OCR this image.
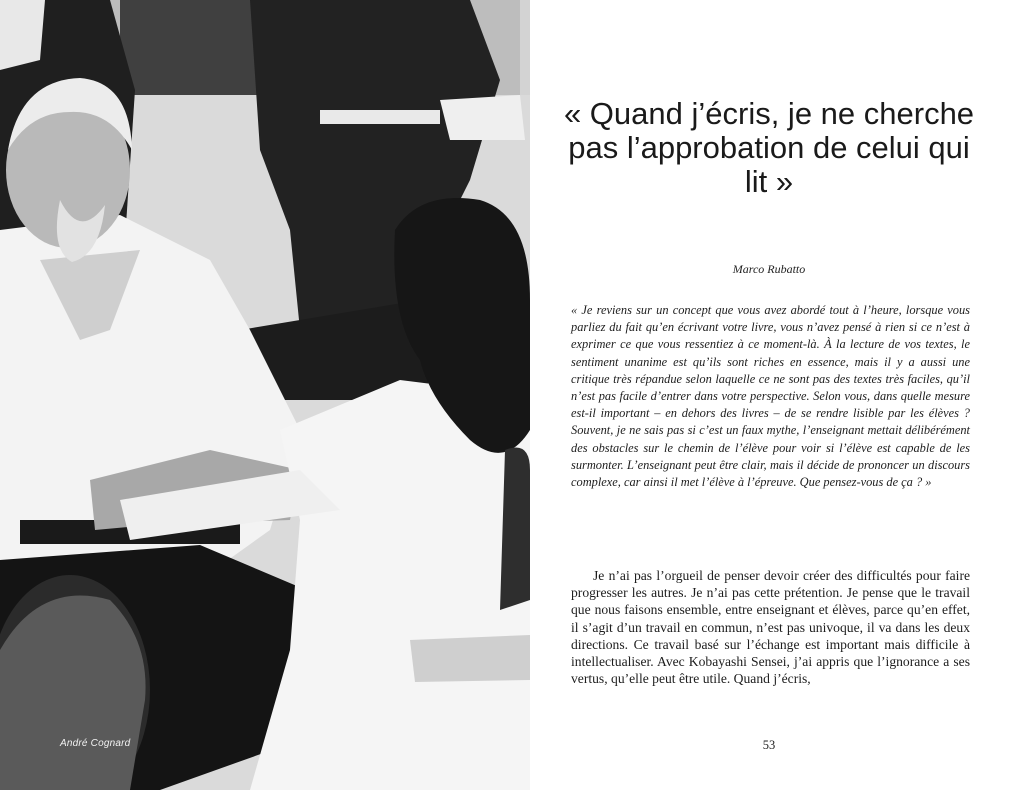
André Cognard
« Quand j’écris, je ne cherche pas l’approbation de celui qui lit »
Marco Rubatto

« Je reviens sur un concept que vous avez abordé tout à l’heure, lorsque vous parliez du fait qu’en écrivant votre livre, vous n’avez pensé à rien si ce n’est à exprimer ce que vous ressentiez à ce moment-là. À la lecture de vos textes, le sentiment unanime est qu’ils sont riches en essence, mais il y a aussi une critique très répandue selon laquelle ce ne sont pas des textes très faciles, qu’il n’est pas facile d’entrer dans votre perspective. Selon vous, dans quelle mesure est-il important – en dehors des livres – de se rendre lisible par les élèves ? Souvent, je ne sais pas si c’est un faux mythe, l’enseignant mettait délibérément des obstacles sur le chemin de l’élève pour voir si l’élève est capable de les surmonter. L’enseignant peut être clair, mais il décide de prononcer un discours complexe, car ainsi il met l’élève à l’épreuve. Que pensez-vous de ça ? »

Je n’ai pas l’orgueil de penser devoir créer des difficultés pour faire progresser les autres. Je n’ai pas cette prétention. Je pense que le travail que nous faisons ensemble, entre enseignant et élèves, parce qu’en effet, il s’agit d’un travail en commun, n’est pas univoque, il va dans les deux directions. Ce travail basé sur l’échange est important mais difficile à intellectualiser. Avec Kobayashi Sensei, j’ai appris que l’ignorance a ses vertus, qu’elle peut être utile. Quand j’écris,

53
